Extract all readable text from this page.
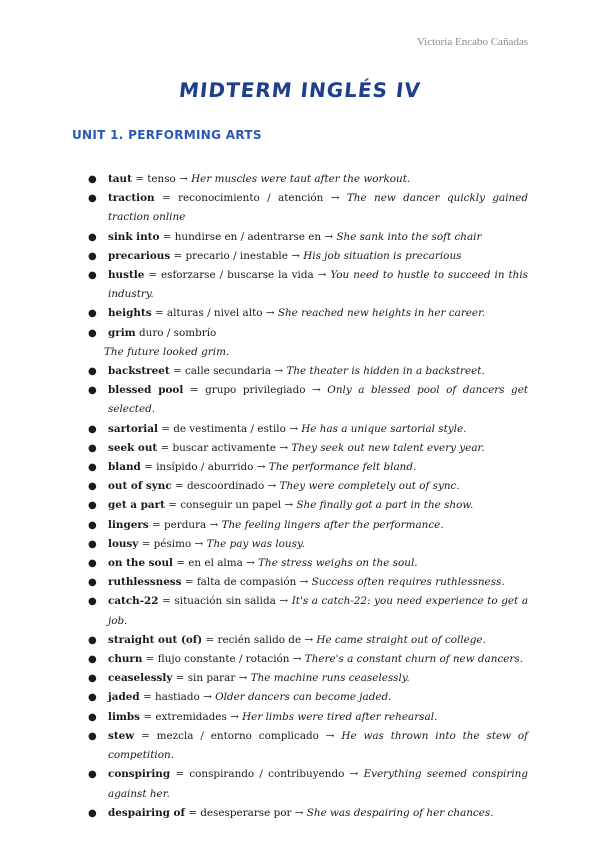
Victoria Encabo Cañadas
MIDTERM INGLÉS IV
UNIT 1. PERFORMING ARTS
● taut = tenso → Her muscles were taut after the workout.
● traction = reconocimiento / atención → The new dancer quickly gained traction online
● sink into = hundirse en / adentrarse en → She sank into the soft chair
● precarious = precario / inestable → His job situation is precarious
● hustle = esforzarse / buscarse la vida → You need to hustle to succeed in this industry.
● heights = alturas / nivel alto → She reached new heights in her career.
● grim duro / sombrío
The future looked grim.
● backstreet = calle secundaria → The theater is hidden in a backstreet.
● blessed pool = grupo privilegiado → Only a blessed pool of dancers get selected.
● sartorial = de vestimenta / estilo → He has a unique sartorial style.
● seek out = buscar activamente → They seek out new talent every year.
● bland = insípido / aburrido → The performance felt bland.
● out of sync = descoordinado → They were completely out of sync.
● get a part = conseguir un papel → She finally got a part in the show.
● lingers = perdura → The feeling lingers after the performance.
● lousy = pésimo → The pay was lousy.
● on the soul = en el alma → The stress weighs on the soul.
● ruthlessness = falta de compasión → Success often requires ruthlessness.
● catch-22 = situación sin salida → It's a catch-22: you need experience to get a job.
● straight out (of) = recién salido de → He came straight out of college.
● churn = flujo constante / rotación → There's a constant churn of new dancers.
● ceaselessly = sin parar → The machine runs ceaselessly.
● jaded = hastiado → Older dancers can become jaded.
● limbs = extremidades → Her limbs were tired after rehearsal.
● stew = mezcla / entorno complicado → He was thrown into the stew of competition.
● conspiring = conspirando / contribuyendo → Everything seemed conspiring against her.
● despairing of = desesperarse por → She was despairing of her chances.
